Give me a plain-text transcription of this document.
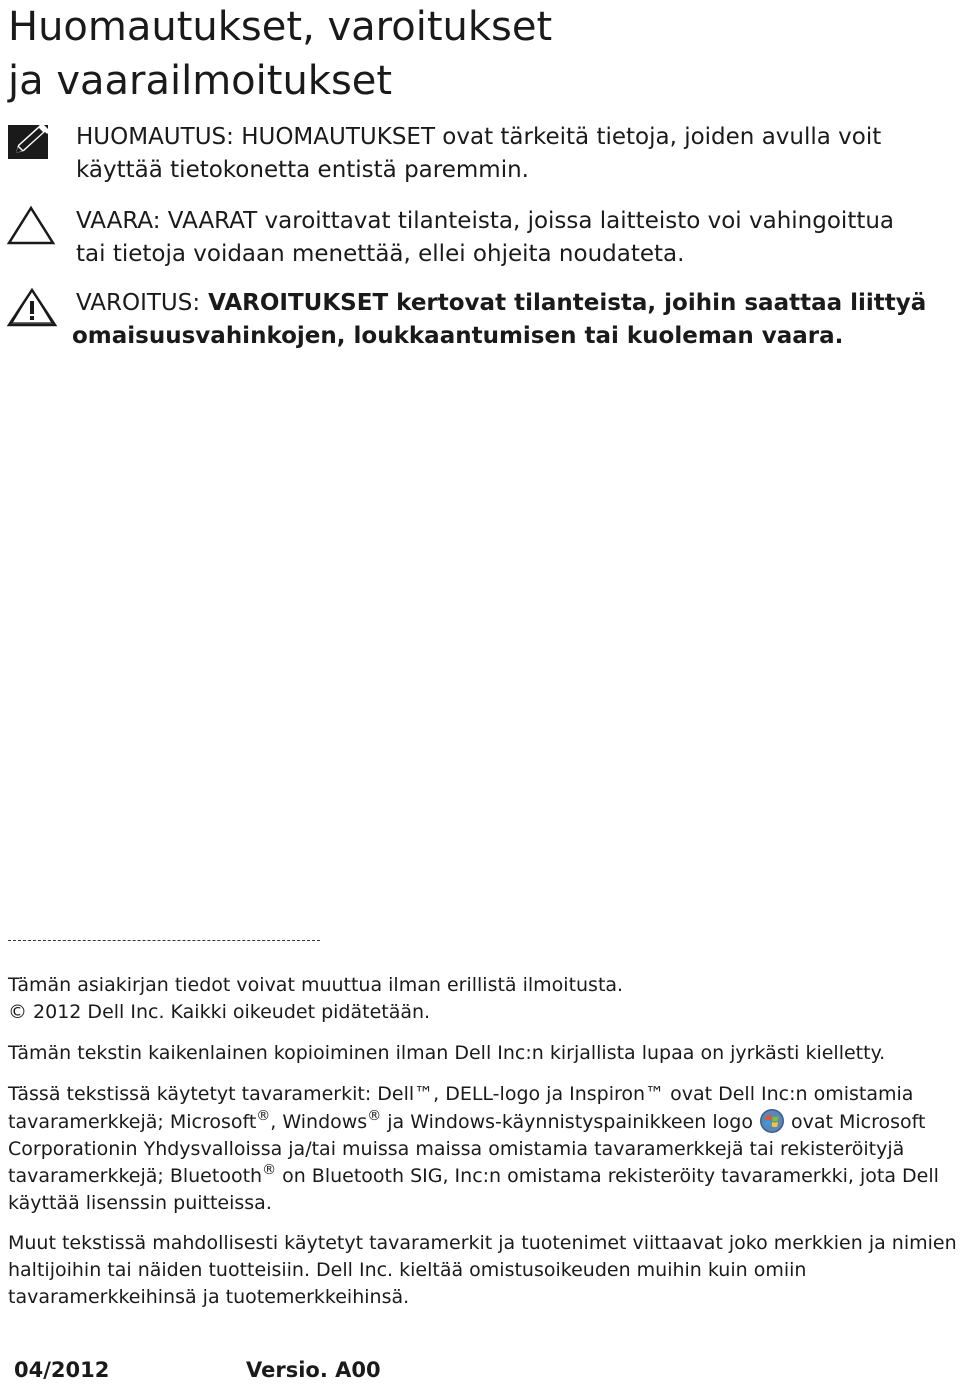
Huomautukset, varoitukset
ja vaarailmoitukset
HUOMAUTUS: HUOMAUTUKSET ovat tärkeitä tietoja, joiden avulla voit
käyttää tietokonetta entistä paremmin.
VAARA: VAARAT varoittavat tilanteista, joissa laitteisto voi vahingoittua
tai tietoja voidaan menettää, ellei ohjeita noudateta.
VAROITUS: VAROITUKSET kertovat tilanteista, joihin saattaa liittyä
omaisuusvahinkojen, loukkaantumisen tai kuoleman vaara.
Tämän asiakirjan tiedot voivat muuttua ilman erillistä ilmoitusta.
© 2012 Dell Inc. Kaikki oikeudet pidätetään.
Tämän tekstin kaikenlainen kopioiminen ilman Dell Inc:n kirjallista lupaa on jyrkästi kielletty.
Tässä tekstissä käytetyt tavaramerkit: Dell™, DELL-logo ja Inspiron™ ovat Dell Inc:n omistamia tavaramerkkejä; Microsoft®, Windows® ja Windows-käynnistyspainikkeen logo ovat Microsoft Corporationin Yhdysvalloissa ja/tai muissa maissa omistamia tavaramerkkejä tai rekisteröityjä tavaramerkkejä; Bluetooth® on Bluetooth SIG, Inc:n omistama rekisteröity tavaramerkki, jota Dell käyttää lisenssin puitteissa.
Muut tekstissä mahdollisesti käytetyt tavaramerkit ja tuotenimet viittaavat joko merkkien ja nimien haltijoihin tai näiden tuotteisiin. Dell Inc. kieltää omistusoikeuden muihin kuin omiin tavaramerkkeihinsä ja tuotemerkkeihinsä.
04/2012	Versio. A00
